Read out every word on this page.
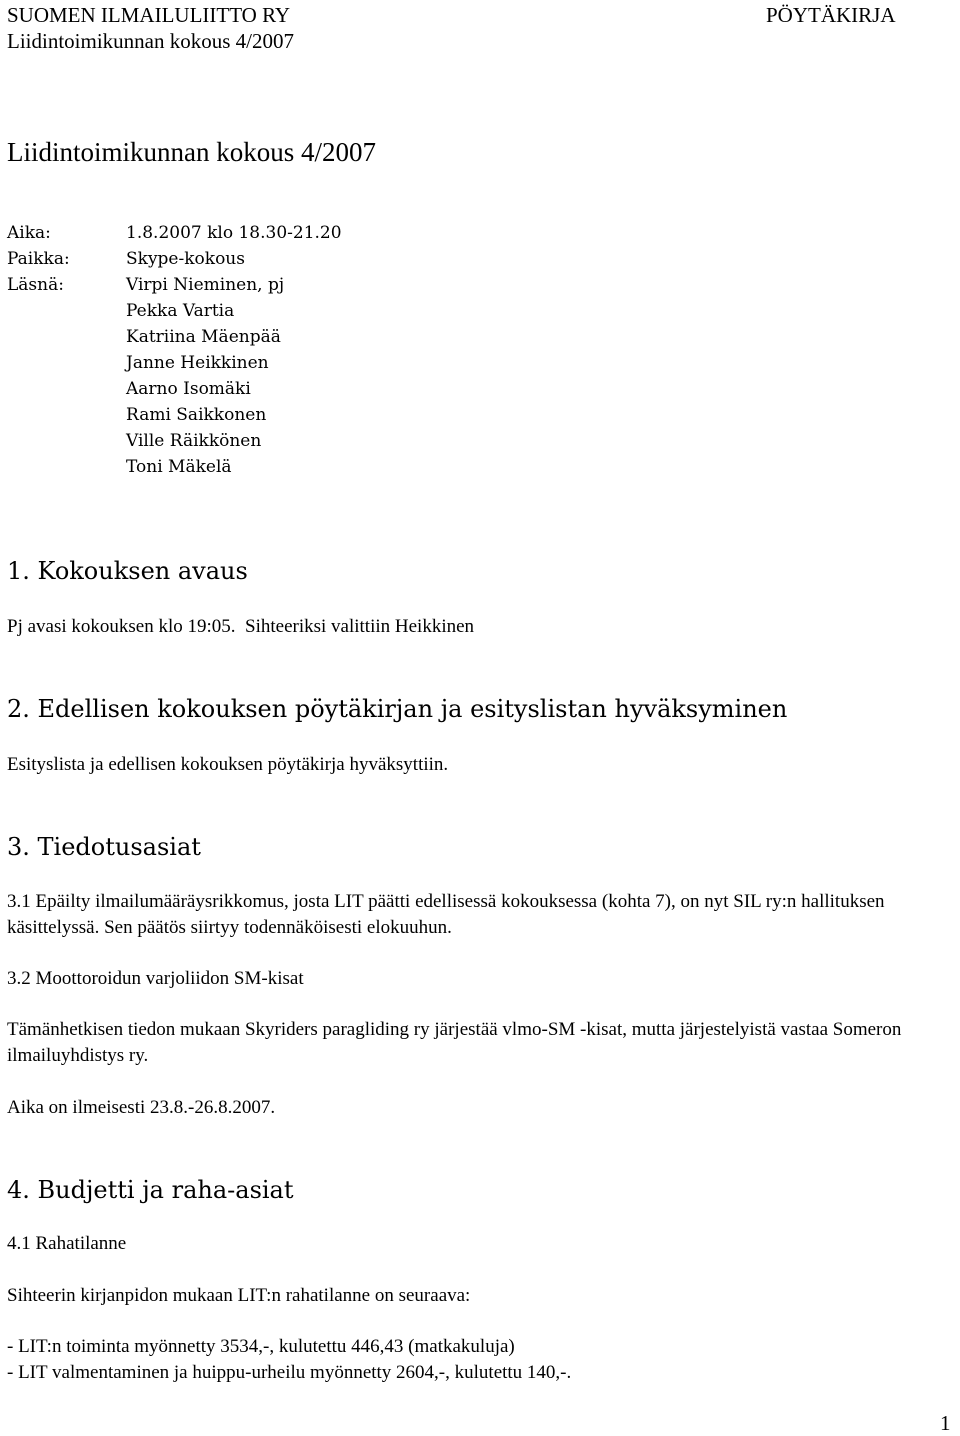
SUOMEN ILMAILULIITTO RY	PÖYTÄKIRJA
Liidintoimikunnan kokous 4/2007
Liidintoimikunnan kokous 4/2007
Aika:	1.8.2007 klo 18.30-21.20
Paikka:	Skype-kokous
Läsnä:	Virpi Nieminen, pj
Pekka Vartia
Katriina Mäenpää
Janne Heikkinen
Aarno Isomäki
Rami Saikkonen
Ville Räikkönen
Toni Mäkelä
1. Kokouksen avaus
Pj avasi kokouksen klo 19:05.  Sihteeriksi valittiin Heikkinen
2. Edellisen kokouksen pöytäkirjan ja esityslistan hyväksyminen
Esityslista ja edellisen kokouksen pöytäkirja hyväksyttiin.
3. Tiedotusasiat
3.1 Epäilty ilmailumääräysrikkomus, josta LIT päätti edellisessä kokouksessa (kohta 7), on nyt SIL ry:n hallituksen käsittelyssä. Sen päätös siirtyy todennäköisesti elokuuhun.
3.2 Moottoroidun varjoliidon SM-kisat
Tämänhetkisen tiedon mukaan Skyriders paragliding ry järjestää vlmo-SM -kisat, mutta järjestelyistä vastaa Someron ilmailuyhdistys ry.
Aika on ilmeisesti 23.8.-26.8.2007.
4. Budjetti ja raha-asiat
4.1 Rahatilanne
Sihteerin kirjanpidon mukaan LIT:n rahatilanne on seuraava:
- LIT:n toiminta myönnetty 3534,-, kulutettu 446,43 (matkakuluja)
- LIT valmentaminen ja huippu-urheilu myönnetty 2604,-, kulutettu 140,-.
1
